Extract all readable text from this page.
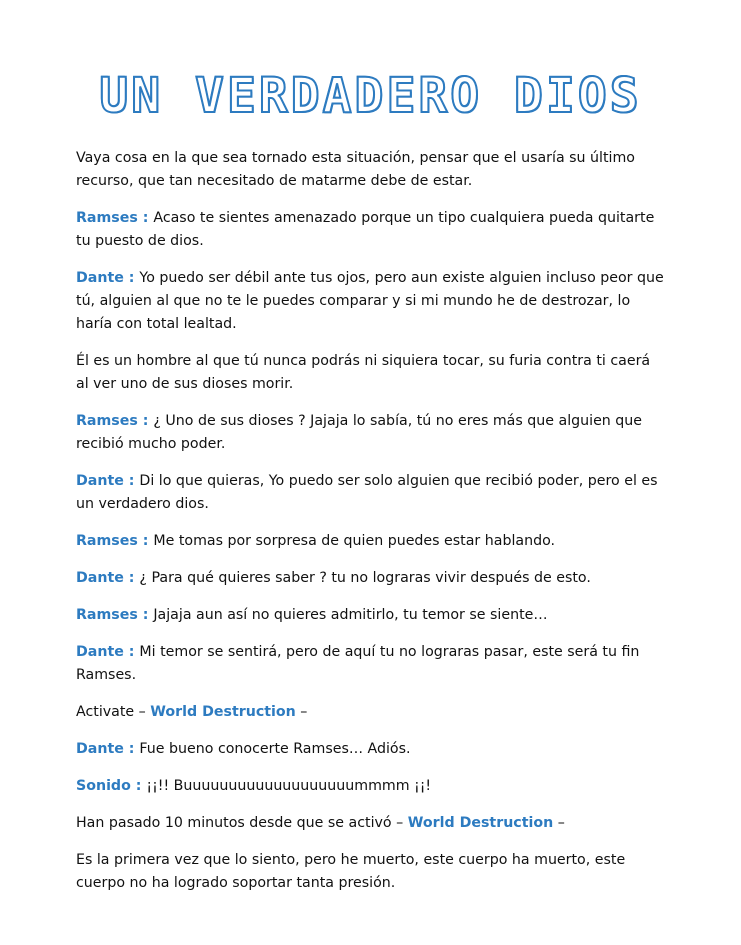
UN VERDADERO DIOS

Vaya cosa en la que sea tornado esta situación, pensar que el usaría su último recurso, que tan necesitado de matarme debe de estar.

Ramses : Acaso te sientes amenazado porque un tipo cualquiera pueda quitarte tu puesto de dios.

Dante : Yo puedo ser débil ante tus ojos, pero aun existe alguien incluso peor que tú, alguien al que no te le puedes comparar y si mi mundo he de destrozar, lo haría con total lealtad.

Él es un hombre al que tú nunca podrás ni siquiera tocar, su furia contra ti caerá al ver uno de sus dioses morir.

Ramses : ¿ Uno de sus dioses ? Jajaja lo sabía, tú no eres más que alguien que recibió mucho poder.

Dante : Di lo que quieras, Yo puedo ser solo alguien que recibió poder, pero el es un verdadero dios.

Ramses : Me tomas por sorpresa de quien puedes estar hablando.

Dante : ¿ Para qué quieres saber ? tu no lograras vivir después de esto.

Ramses : Jajaja aun así no quieres admitirlo, tu temor se siente…

Dante : Mi temor se sentirá, pero de aquí tu no lograras pasar, este será tu fin Ramses.

Activate – World Destruction –

Dante : Fue bueno conocerte Ramses… Adiós.

Sonido : ¡¡!! Buuuuuuuuuuuuuuuuuuummmm ¡¡!

Han pasado 10 minutos desde que se activó – World Destruction –

Es la primera vez que lo siento, pero he muerto, este cuerpo ha muerto, este cuerpo no ha logrado soportar tanta presión.
